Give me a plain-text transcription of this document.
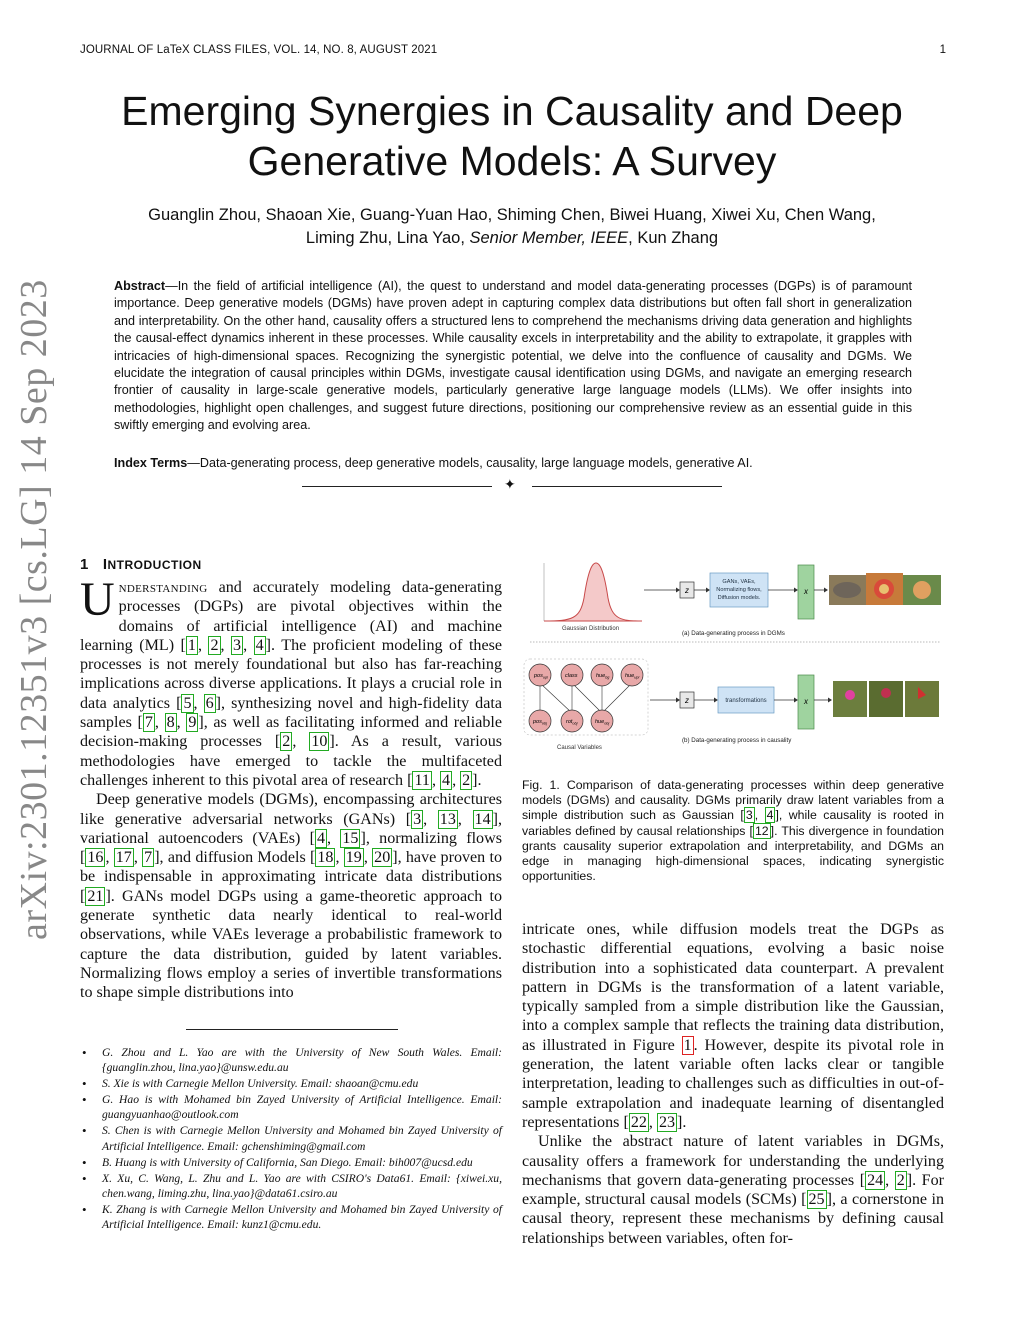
JOURNAL OF LaTeX CLASS FILES, VOL. 14, NO. 8, AUGUST 2021	1
Emerging Synergies in Causality and Deep Generative Models: A Survey
Guanglin Zhou, Shaoan Xie, Guang-Yuan Hao, Shiming Chen, Biwei Huang, Xiwei Xu, Chen Wang,
Liming Zhu, Lina Yao, Senior Member, IEEE, Kun Zhang
Abstract—In the field of artificial intelligence (AI), the quest to understand and model data-generating processes (DGPs) is of paramount importance. Deep generative models (DGMs) have proven adept in capturing complex data distributions but often fall short in generalization and interpretability. On the other hand, causality offers a structured lens to comprehend the mechanisms driving data generation and highlights the causal-effect dynamics inherent in these processes. While causality excels in interpretability and the ability to extrapolate, it grapples with intricacies of high-dimensional spaces. Recognizing the synergistic potential, we delve into the confluence of causality and DGMs. We elucidate the integration of causal principles within DGMs, investigate causal identification using DGMs, and navigate an emerging research frontier of causality in large-scale generative models, particularly generative large language models (LLMs). We offer insights into methodologies, highlight open challenges, and suggest future directions, positioning our comprehensive review as an essential guide in this swiftly emerging and evolving area.
Index Terms—Data-generating process, deep generative models, causality, large language models, generative AI.
✦
arXiv:2301.12351v3 [cs.LG] 14 Sep 2023 1 INTRODUCTION

Understanding and accurately modeling data-generating processes (DGPs) are pivotal objectives within the domains of artificial intelligence (AI) and machine learning (ML) [ 1 , 2 , 3 , 4 ]. The proficient modeling of these processes is not merely foundational but also has far-reaching implications across diverse applications. It plays a crucial role in data analytics [ 5 , 6 ], synthesizing novel and high-fidelity data samples [ 7 , 8 , 9 ], as well as facilitating informed and reliable decision-making processes [ 2 , 10 ]. As a result, various methodologies have emerged to tackle the multifaceted challenges inherent to this pivotal area of research [ 11 , 4 , 2 ].

Deep generative models (DGMs), encompassing architectures like generative adversarial networks (GANs) [ 3 , 13 , 14 ], variational autoencoders (VAEs) [ 4 , 15 ], normalizing flows [ 16 , 17 , 7 ], and diffusion Models [ 18 , 19 , 20 ], have proven to be indispensable in approximating intricate data distributions [ 21 ]. GANs model DGPs using a game-theoretic approach to generate synthetic data nearly identical to real-world observations, while VAEs leverage a probabilistic framework to capture the data distribution, guided by latent variables. Normalizing flows employ a series of invertible transformations to shape simple distributions into

• G. Zhou and L. Yao are with the University of New South Wales. Email: {guanglin.zhou, lina.yao}@unsw.edu.au
• S. Xie is with Carnegie Mellon University. Email: shaoan@cmu.edu
• G. Hao is with Mohamed bin Zayed University of Artificial Intelligence. Email: guangyuanhao@outlook.com
• S. Chen is with Carnegie Mellon University and Mohamed bin Zayed University of Artificial Intelligence. Email: gchenshiming@gmail.com
• B. Huang is with University of California, San Diego. Email: bih007@ucsd.edu
• X. Xu, C. Wang, L. Zhu and L. Yao are with CSIRO's Data61. Email: {xiwei.xu, chen.wang, liming.zhu, lina.yao}@data61.csiro.au
• K. Zhang is with Carnegie Mellon University and Mohamed bin Zayed University of Artificial Intelligence. Email: kunz1@cmu.edu.
Gaussian Distribution
z
GANs, VAEs,
Normalizing flows,
Diffusion models.
x
(a) Data-generating process in DGMs
pos$_{upl}$	class	hue$_{bg}$	hue$_{upl}$
pos$_{obj}$	rot$_{obj}$	hue$_{obj}$
Causal Variables
z	transformations	x
(b) Data-generating process in causality
Fig. 1. Comparison of data-generating processes within deep generative models (DGMs) and causality. DGMs primarily draw latent variables from a simple distribution such as Gaussian [ 3 , 4 ], while causality is rooted in variables defined by causal relationships [ 12 ]. This divergence in foundation grants causality superior extrapolation and interpretability, and DGMs an edge in managing high-dimensional spaces, indicating synergistic opportunities.

intricate ones, while diffusion models treat the DGPs as stochastic differential equations, evolving a basic noise distribution into a sophisticated data counterpart. A prevalent pattern in DGMs is the transformation of a latent variable, typically sampled from a simple distribution like the Gaussian, into a complex sample that reflects the training data distribution, as illustrated in Figure 1 . However, despite its pivotal role in generation, the latent variable often lacks clear or tangible interpretation, leading to challenges such as difficulties in out-of-sample extrapolation and inadequate learning of disentangled representations [ 22 , 23 ].

Unlike the abstract nature of latent variables in DGMs, causality offers a framework for understanding the underlying mechanisms that govern data-generating processes [ 24 , 2 ]. For example, structural causal models (SCMs) [ 25 ], a cornerstone in causal theory, represent these mechanisms by defining causal relationships between variables, often for-
